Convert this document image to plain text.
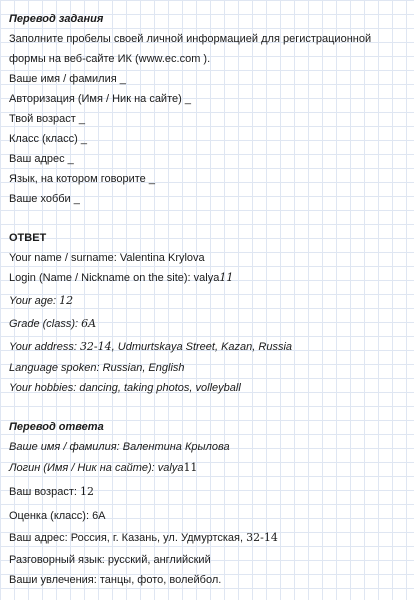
Перевод задания
Заполните пробелы своей личной информацией для регистрационной
формы на веб-сайте ИК (www.ec.com ).
Ваше имя / фамилия _
Авторизация (Имя / Ник на сайте) _
Твой возраст _
Класс (класс) _
Ваш адрес _
Язык, на котором говорите _
Ваше хобби _
ОТВЕТ
Your name / surname: Valentina Krylova
Login (Name / Nickname on the site): valya11
Your age: 12
Grade (class): 6A
Your address: 32-14, Udmurtskaya Street, Kazan, Russia
Language spoken: Russian, English
Your hobbies: dancing, taking photos, volleyball
Перевод ответа
Ваше имя / фамилия: Валентина Крылова
Логин (Имя / Ник на сайте): valya11
Ваш возраст: 12
Оценка (класс): 6А
Ваш адрес: Россия, г. Казань, ул. Удмуртская, 32-14
Разговорный язык: русский, английский
Ваши увлечения: танцы, фото, волейбол.
